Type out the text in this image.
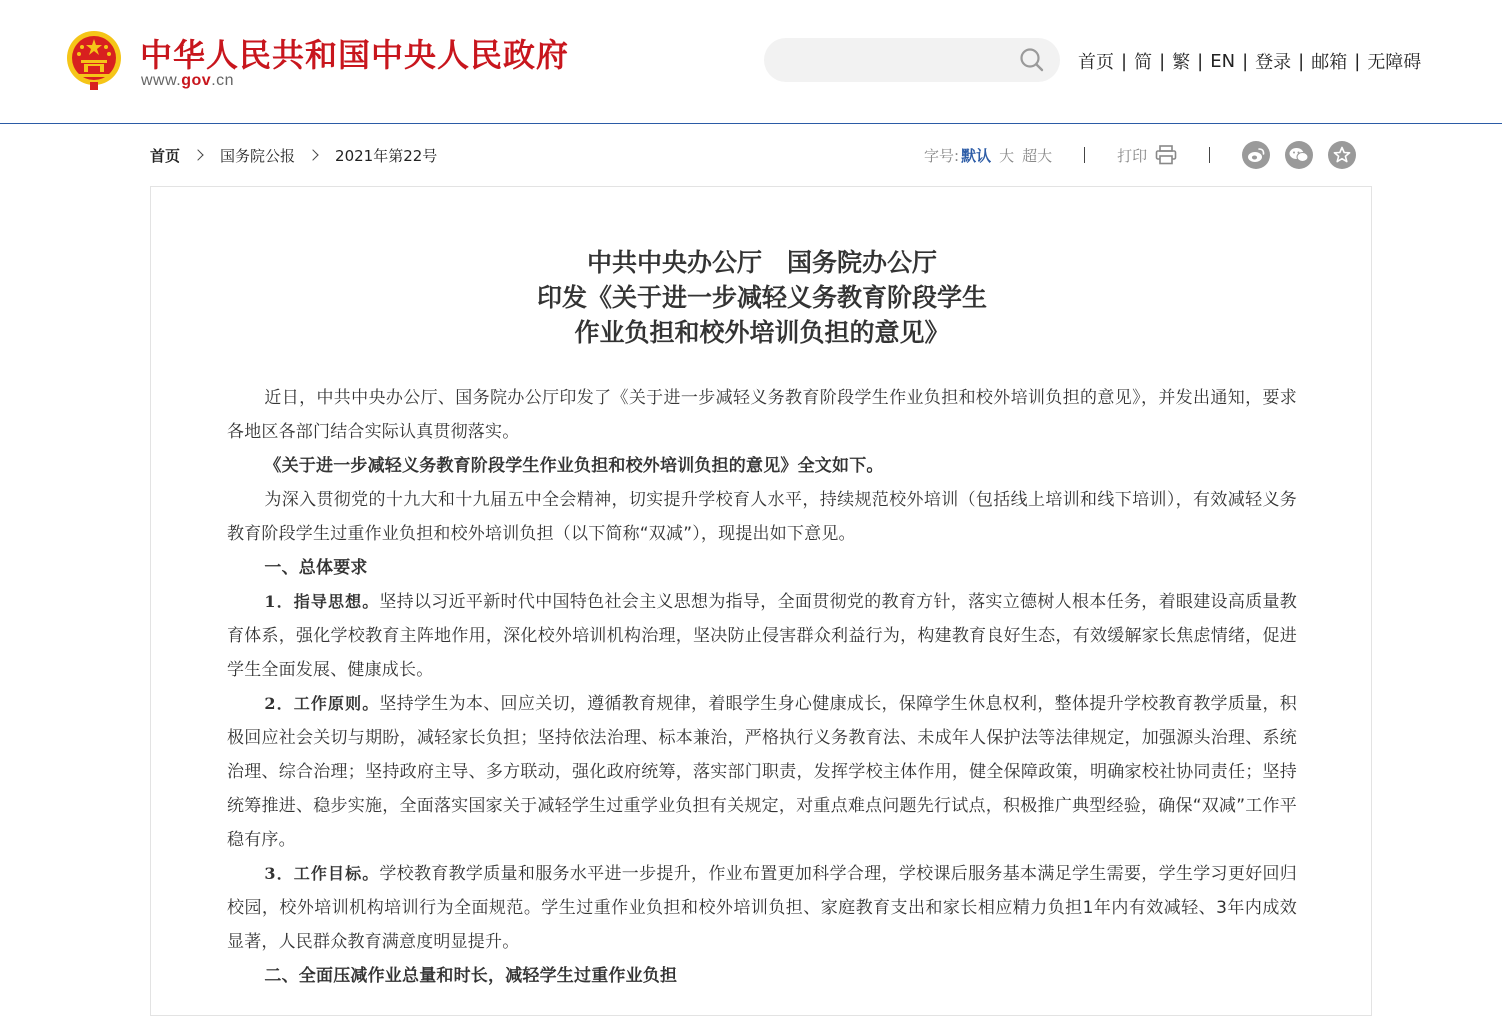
中华人民共和国中央人民政府
www.gov.cn
首页 | 简 | 繁 | EN | 登录 | 邮箱 | 无障碍
首页	国务院公报	2021年第22号	字号: 默认 大 超大	打印
中共中央办公厅　国务院办公厅
印发《关于进一步减轻义务教育阶段学生
作业负担和校外培训负担的意见》

近日，中共中央办公厅、国务院办公厅印发了《关于进一步减轻义务教育阶段学生作业负担和校外培训负担的意见》，并发出通知，要求各地区各部门结合实际认真贯彻落实。

《关于进一步减轻义务教育阶段学生作业负担和校外培训负担的意见》全文如下。

为深入贯彻党的十九大和十九届五中全会精神，切实提升学校育人水平，持续规范校外培训（包括线上培训和线下培训），有效减轻义务教育阶段学生过重作业负担和校外培训负担（以下简称“双减”），现提出如下意见。

一、总体要求

1．指导思想。坚持以习近平新时代中国特色社会主义思想为指导，全面贯彻党的教育方针，落实立德树人根本任务，着眼建设高质量教育体系，强化学校教育主阵地作用，深化校外培训机构治理，坚决防止侵害群众利益行为，构建教育良好生态，有效缓解家长焦虑情绪，促进学生全面发展、健康成长。

2．工作原则。坚持学生为本、回应关切，遵循教育规律，着眼学生身心健康成长，保障学生休息权利，整体提升学校教育教学质量，积极回应社会关切与期盼，减轻家长负担；坚持依法治理、标本兼治，严格执行义务教育法、未成年人保护法等法律规定，加强源头治理、系统治理、综合治理；坚持政府主导、多方联动，强化政府统筹，落实部门职责，发挥学校主体作用，健全保障政策，明确家校社协同责任；坚持统筹推进、稳步实施，全面落实国家关于减轻学生过重学业负担有关规定，对重点难点问题先行试点，积极推广典型经验，确保“双减”工作平稳有序。

3．工作目标。学校教育教学质量和服务水平进一步提升，作业布置更加科学合理，学校课后服务基本满足学生需要，学生学习更好回归校园，校外培训机构培训行为全面规范。学生过重作业负担和校外培训负担、家庭教育支出和家长相应精力负担1年内有效减轻、3年内成效显著，人民群众教育满意度明显提升。

二、全面压减作业总量和时长，减轻学生过重作业负担
